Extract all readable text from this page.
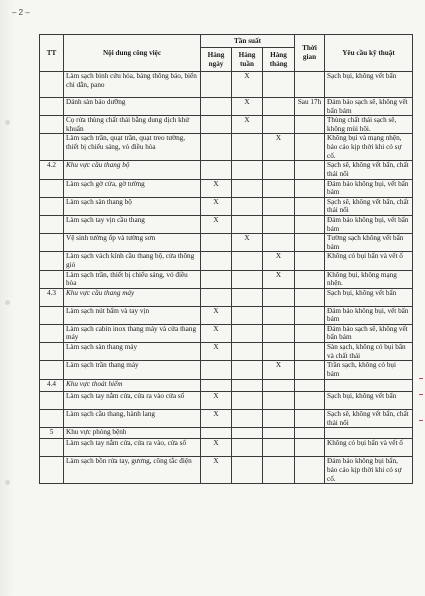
– 2 –
TT	Nội dung công việc	Tần suất			Thời gian	Yêu cầu kỹ thuật
		Hàng ngày	Hàng tuần	Hàng tháng		
	Làm sạch bình cứu hỏa, bảng thông báo, biển chỉ dẫn, pano		X			Sạch bụi, không vết bẩn
	Dánh sàn bảo dưỡng		X		Sau 17h	Đảm bảo sạch sẽ, không vết bẩn bám
	Cọ rửa thùng chất thải bằng dung dịch khử khuẩn		X			Thùng chất thải sạch sẽ, không mùi hôi.
	Làm sạch trần, quạt trần, quạt treo tường, thiết bị chiếu sáng, vỏ điều hòa			X		Không bụi và mạng nhện, bảo cáo kịp thời khi có sự cố.
4.2	Khu vực cầu thang bộ					Sạch sẽ, không vết bẩn, chất thải nổi
	Làm sạch gờ cửa, gờ tường	X				Đảm bảo không bụi, vết bẩn bám
	Làm sạch sàn thang bộ	X				Sạch sẽ, không vết bẩn, chất thải nổi
	Làm sạch tay vịn cầu thang	X				Đảm bảo không bụi, vết bẩn bám
	Vệ sinh tường ốp và tường sơn		X			Tường sạch không vết bẩn bám
	Làm sạch vách kính cầu thang bộ, cửa thông gió			X		Không có bụi bẩn và vết ố
	Làm sạch trần, thiết bị chiếu sáng, vỏ điều hòa			X		Không bụi, không mạng nhện.
4.3	Khu vực cầu thang máy					Sạch bụi, không vết bẩn
	Làm sạch nút bấm và tay vịn	X				Đảm bảo không bụi, vết bẩn bám
	Làm sạch cabin inox thang máy và cửa thang máy	X				Đảm bảo sạch sẽ, không vết bẩn bám
	Làm sạch sàn thang máy	X				Sàn sạch, không có bụi bẩn và chất thải
	Làm sạch trần thang máy			X		Trần sạch, không có bụi bám
4.4	Khu vực thoát hiểm					
	Làm sạch tay nắm cửa, cửa ra vào cửa sổ	X				Sạch bụi, không vết bẩn
	Làm sạch cầu thang, hành lang	X				Sạch sẽ, không vết bẩn, chất thải nổi
5	Khu vực phòng bệnh					
	Làm sạch tay nắm cửa, cửa ra vào, cửa sổ	X				Không có bụi bẩn và vết ố
	Làm sạch bồn rửa tay, gương, công tắc điện	X				Đảm bảo không bụi bẩn, báo cáo kịp thời khi có sự cố.
